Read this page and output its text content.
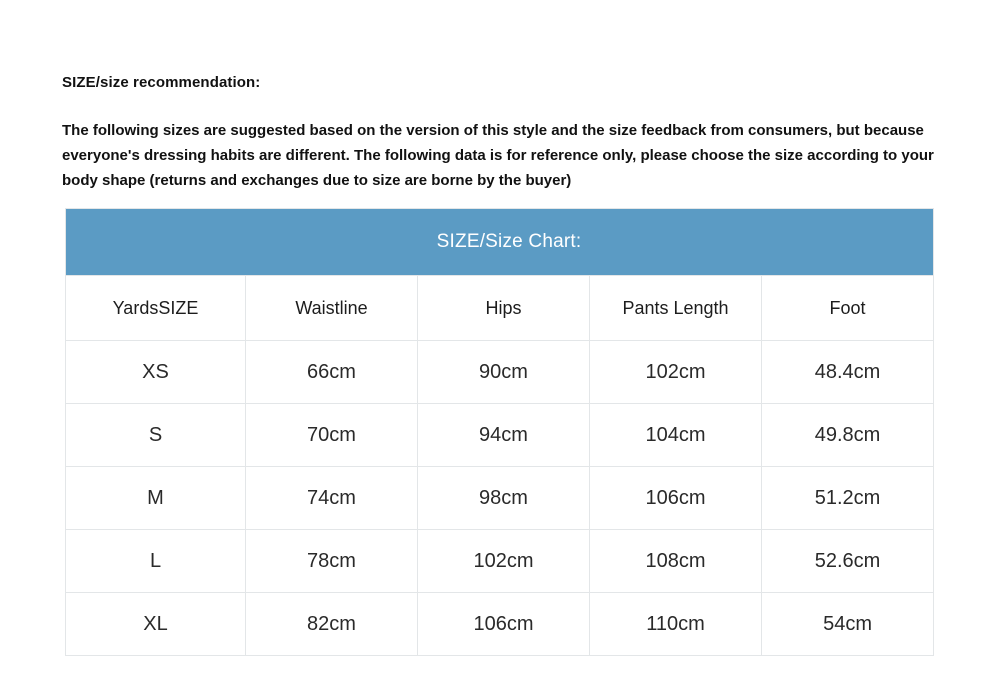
SIZE/size recommendation:
The following sizes are suggested based on the version of this style and the size feedback from consumers, but because everyone's dressing habits are different. The following data is for reference only, please choose the size according to your body shape (returns and exchanges due to size are borne by the buyer)
SIZE/Size Chart:				
YardsSIZE	Waistline	Hips	Pants Length	Foot
XS	66cm	90cm	102cm	48.4cm
S	70cm	94cm	104cm	49.8cm
M	74cm	98cm	106cm	51.2cm
L	78cm	102cm	108cm	52.6cm
XL	82cm	106cm	110cm	54cm
